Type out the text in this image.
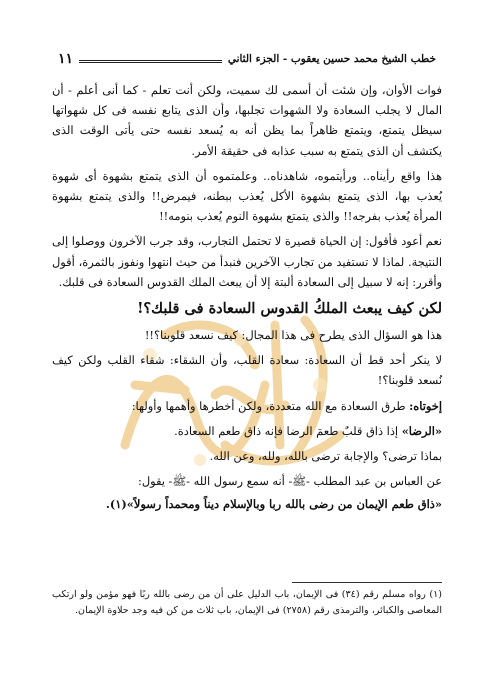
١١	خطب الشيخ محمد حسين يعقوب - الجزء الثاني

فوات الأوان، وإن شئت أن أسمى لك سميت، ولكن أنت تعلم - كما أنى أعلم - أن المال لا يجلب السعادة ولا الشهوات تجلبها، وأن الذى يتابع نفسه فى كل شهواتها سيظل يتمتع، ويتمتع ظاهراً بما يظن أنه به يُسعد نفسه حتى يأتى الوقت الذى يكتشف أن الذى يتمتع به سبب عذابه فى حقيقة الأمر.

هذا واقع رأيناه.. ورأيتموه، شاهدناه.. وعلمتموه أن الذى يتمتع بشهوة أى شهوة يُعذب بها، الذى يتمتع بشهوة الأكل يُعذب ببطنه، فيمرض!! والذى يتمتع بشهوة المرأة يُعذب بفرجه!! والذى يتمتع بشهوة النوم يُعذب بنومه!!

نعم أعود فأقول: إن الحياة قصيرة لا تحتمل التجارب، وقد جرب الآخرون ووصلوا إلى النتيجة. لماذا لا تستفيد من تجارب الآخرين فنبدأ من حيث انتهوا ونفوز بالثمرة، أقول وأقرر: إنه لا سبيل إلى السعادة ألبتة إلا أن يبعث الملك القدوس السعادة فى قلبك.

لكن كيف يبعث الملكُ القدوس السعادة فى قلبك؟!

هذا هو السؤال الذى يطرح فى هذا المجال: كيف نسعد قلوبنا؟!!

لا ينكر أحد قط أن السعادة: سعادة القلب، وأن الشقاء: شقاء القلب ولكن كيف نُسعد قلوبنا؟!

إخوتاه: طرق السعادة مع الله متعددة، ولكن أخطرها وأهمها وأولها:

«الرضا» إذا ذاق قلبٌ طعمَ الرضا فإنه ذاق طعم السعادة.

بماذا ترضى؟ والإجابة ترضى بالله، ولله، وعن الله.

عن العباس بن عبد المطلب -ﷺ- أنه سمع رسول الله -ﷺ- يقول:

«ذاق طعم الإيمان من رضى بالله ربا وبالإسلام ديناً ومحمداً رسولاً»(١).

(١) رواه مسلم رقم (٣٤) فى الإيمان، باب الدليل على أن من رضى بالله ربًا فهو مؤمن ولو ارتكب المعاصى والكبائر، والترمذى رقم (٢٧٥٨) فى الإيمان، باب ثلاث من كن فيه وجد حلاوة الإيمان.
